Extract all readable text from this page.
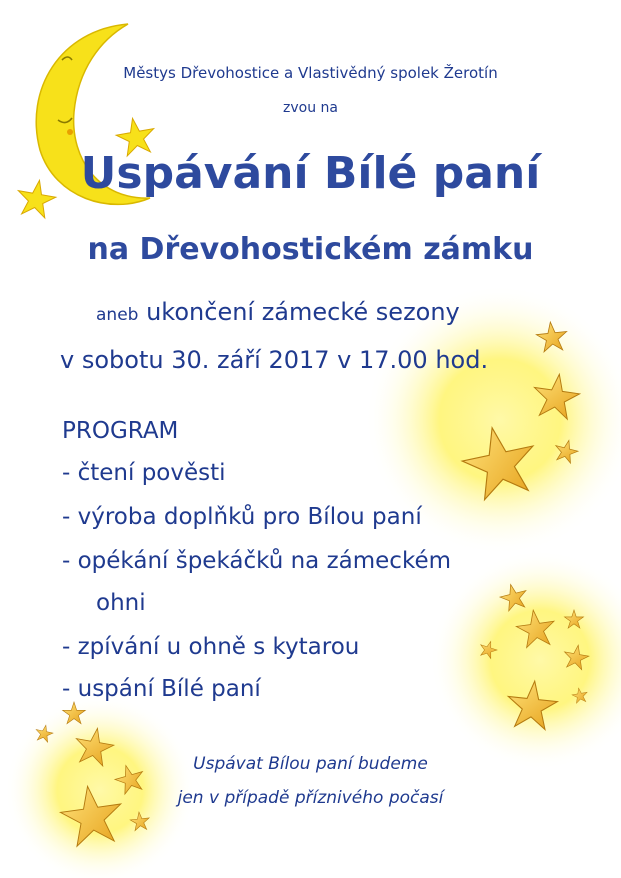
Městys Dřevohostice a Vlastivědný spolek Žerotín

zvou na

Uspávání Bílé paní

na Dřevohostickém zámku

aneb ukončení zámecké sezony

v sobotu 30. září 2017 v 17.00 hod.

PROGRAM

- čtení pověsti

- výroba doplňků pro Bílou paní

- opékání špekáčků na zámeckém

ohni

- zpívání u ohně s kytarou

- uspání Bílé paní

Uspávat Bílou paní budeme

jen v případě příznivého počasí
